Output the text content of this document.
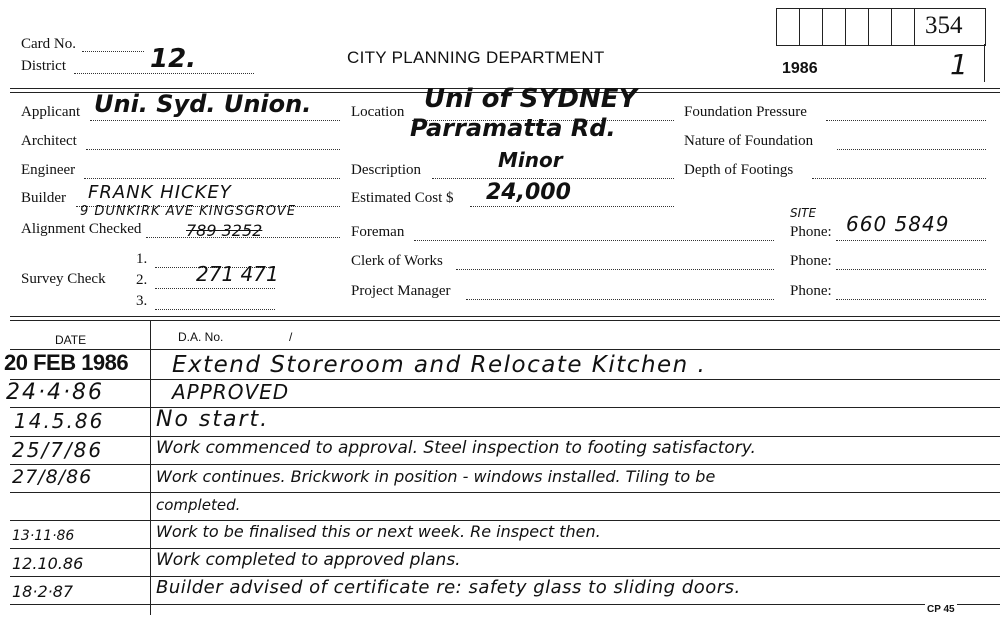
Card No.
District	12.	CITY PLANNING DEPARTMENT
1986
354
1
Applicant Uni. Syd. Union.
Architect
Engineer
Builder FRANK HICKEY
9 DUNKIRK AVE KINGSGROVE
Alignment Checked	789 3252
Survey Check
1.
2. 271 471
3.
Location Uni of SYDNEY
Parramatta Rd.
Description	Minor
Estimated Cost $ 24,000
Foreman
Clerk of Works
Project Manager
Foundation Pressure
Nature of Foundation
Depth of Footings
SITE
Phone: 660 5849
Phone:
Phone:
DATE	D.A. No.	/
20 FEB 1986 Extend Storeroom and Relocate Kitchen .
24·4·86	APPROVED
14.5.86 No start.
25/7/86	Work commenced to approval. Steel inspection to footing satisfactory.
27/8/86	Work continues. Brickwork in position - windows installed. Tiling to be
completed.
13·11·86	Work to be finalised this or next week. Re inspect then.
12.10.86	Work completed to approved plans.
18·2·87	Builder advised of certificate re: safety glass to sliding doors.
CP 45
